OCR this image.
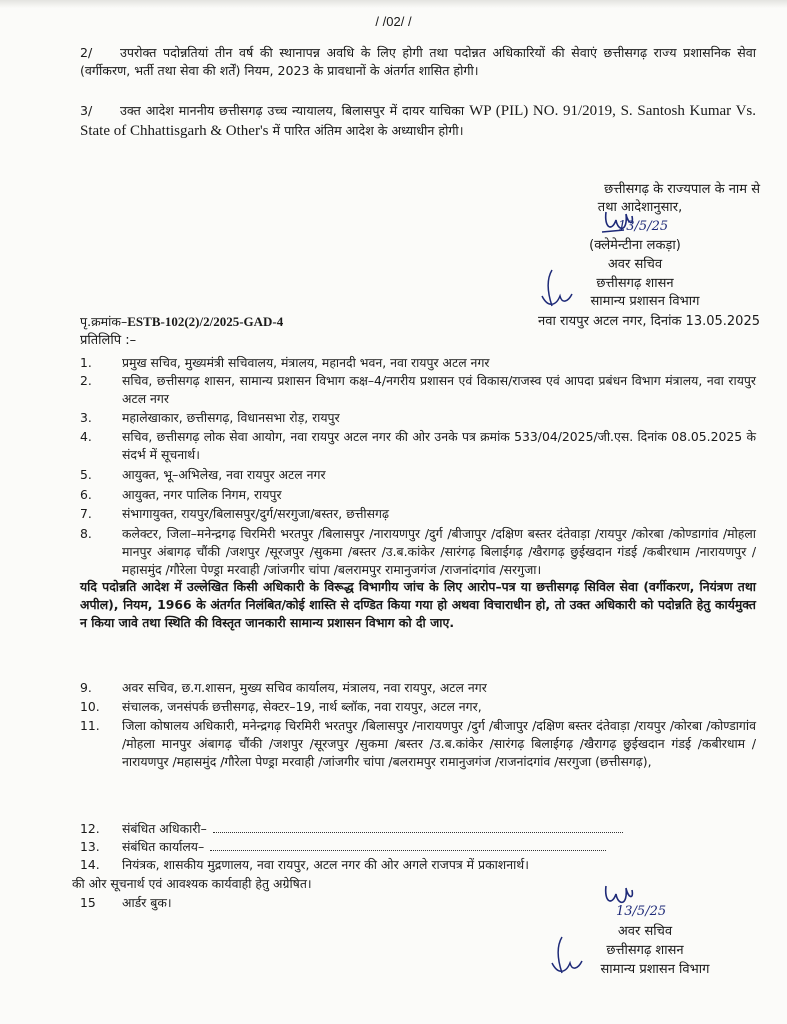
/ /02/ /
2/ उपरोक्त पदोन्नतियां तीन वर्ष की स्थानापन्न अवधि के लिए होगी तथा पदोन्नत अधिकारियों की सेवाएं छत्तीसगढ़ राज्य प्रशासनिक सेवा (वर्गीकरण, भर्ती तथा सेवा की शर्तें) नियम, 2023 के प्रावधानों के अंतर्गत शासित होगी।
3/ उक्त आदेश माननीय छत्तीसगढ़ उच्च न्यायालय, बिलासपुर में दायर याचिका WP (PIL) NO. 91/2019, S. Santosh Kumar Vs. State of Chhattisgarh & Other's में पारित अंतिम आदेश के अध्याधीन होगी।
छत्तीसगढ़ के राज्यपाल के नाम से
तथा आदेशानुसार,
13/5/25
(क्लेमेन्टीना लकड़ा)
अवर सचिव
छत्तीसगढ़ शासन
सामान्य प्रशासन विभाग
नवा रायपुर अटल नगर, दिनांक 13.05.2025
पृ.क्रमांक–ESTB-102(2)/2/2025-GAD-4
प्रतिलिपि :–
1.	प्रमुख सचिव, मुख्यमंत्री सचिवालय, मंत्रालय, महानदी भवन, नवा रायपुर अटल नगर
2.	सचिव, छत्तीसगढ़ शासन, सामान्य प्रशासन विभाग कक्ष–4/नगरीय प्रशासन एवं विकास/राजस्व एवं आपदा प्रबंधन विभाग मंत्रालय, नवा रायपुर अटल नगर
3.	महालेखाकार, छत्तीसगढ़, विधानसभा रोड़, रायपुर
4.	सचिव, छत्तीसगढ़ लोक सेवा आयोग, नवा रायपुर अटल नगर की ओर उनके पत्र क्रमांक 533/04/2025/जी.एस. दिनांक 08.05.2025 के संदर्भ में सूचनार्थ।
5.	आयुक्त, भू–अभिलेख, नवा रायपुर अटल नगर
6.	आयुक्त, नगर पालिक निगम, रायपुर
7.	संभागायुक्त, रायपुर/बिलासपुर/दुर्ग/सरगुजा/बस्तर, छत्तीसगढ़
8.	कलेक्टर, जिला–मनेन्द्रगढ़ चिरमिरी भरतपुर /बिलासपुर /नारायणपुर /दुर्ग /बीजापुर /दक्षिण बस्तर दंतेवाड़ा /रायपुर /कोरबा /कोण्डागांव /मोहला मानपुर अंबागढ़ चौंकी /जशपुर /सूरजपुर /सुकमा /बस्तर /उ.ब.कांकेर /सारंगढ़ बिलाईगढ़ /खैरागढ़ छुईखदान गंडई /कबीरधाम /नारायणपुर /महासमुंद /गौरेला पेण्ड्रा मरवाही /जांजगीर चांपा /बलरामपुर रामानुजगंज /राजनांदगांव /सरगुजा।
यदि पदोन्नति आदेश में उल्लेखित किसी अधिकारी के विरूद्ध विभागीय जांच के लिए आरोप–पत्र या छत्तीसगढ़ सिविल सेवा (वर्गीकरण, नियंत्रण तथा अपील), नियम, 1966 के अंतर्गत निलंबित/कोई शास्ति से दण्डित किया गया हो अथवा विचाराधीन हो, तो उक्त अधिकारी को पदोन्नति हेतु कार्यमुक्त न किया जावे तथा स्थिति की विस्तृत जानकारी सामान्य प्रशासन विभाग को दी जाए.
9.	अवर सचिव, छ.ग.शासन, मुख्य सचिव कार्यालय, मंत्रालय, नवा रायपुर, अटल नगर
10.	संचालक, जनसंपर्क छत्तीसगढ़, सेक्टर–19, नार्थ ब्लॉक, नवा रायपुर, अटल नगर,
11.	जिला कोषालय अधिकारी, मनेन्द्रगढ़ चिरमिरी भरतपुर /बिलासपुर /नारायणपुर /दुर्ग /बीजापुर /दक्षिण बस्तर दंतेवाड़ा /रायपुर /कोरबा /कोण्डागांव /मोहला मानपुर अंबागढ़ चौंकी /जशपुर /सूरजपुर /सुकमा /बस्तर /उ.ब.कांकेर /सारंगढ़ बिलाईगढ़ /खैरागढ़ छुईखदान गंडई /कबीरधाम /नारायणपुर /महासमुंद /गौरेला पेण्ड्रा मरवाही /जांजगीर चांपा /बलरामपुर रामानुजगंज /राजनांदगांव /सरगुजा (छत्तीसगढ़),
12.	संबंधित अधिकारी–
13.	संबंधित कार्यालय–
14.	नियंत्रक, शासकीय मुद्रणालय, नवा रायपुर, अटल नगर की ओर अगले राजपत्र में प्रकाशनार्थ।
की ओर सूचनार्थ एवं आवश्यक कार्यवाही हेतु अग्रेषित।
15	आर्डर बुक।
13/5/25
अवर सचिव
छत्तीसगढ़ शासन
सामान्य प्रशासन विभाग
